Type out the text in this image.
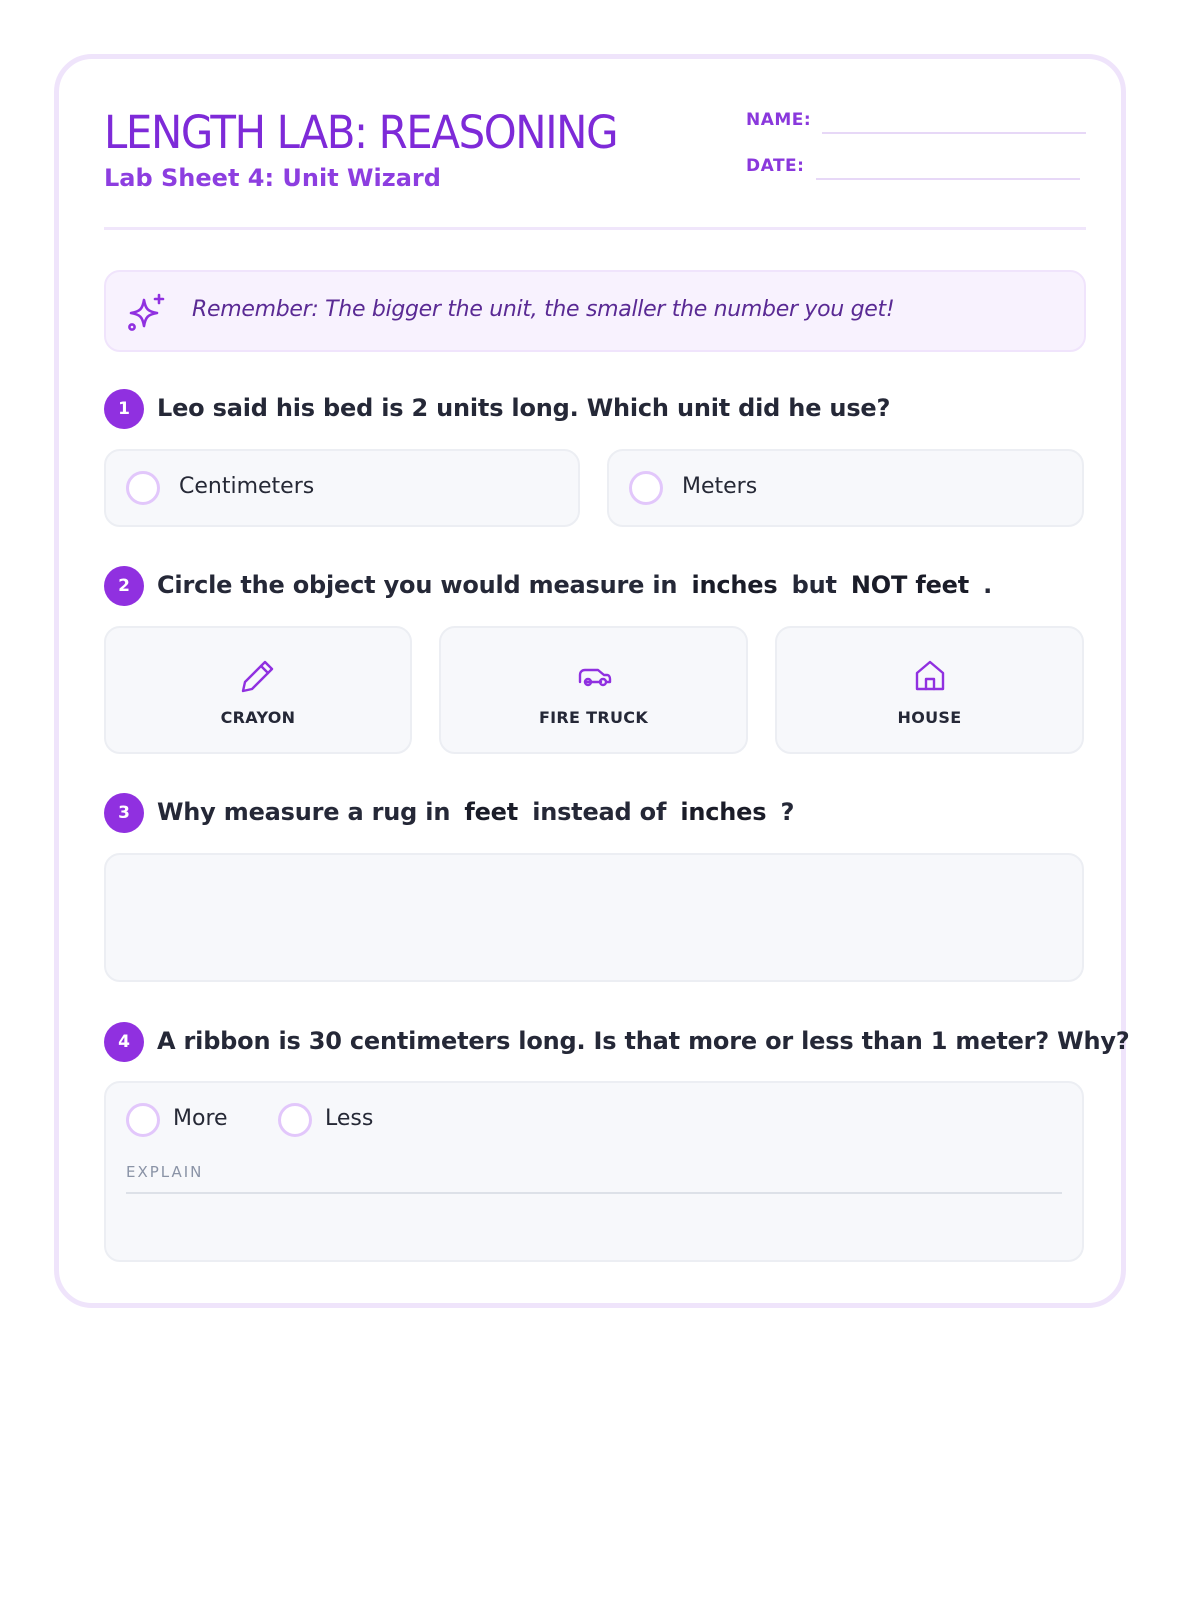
LENGTH LAB: REASONING
Lab Sheet 4: Unit Wizard
NAME:
DATE:
Remember: The bigger the unit, the smaller the number you get!
1	Leo said his bed is 2 units long. Which unit did he use?
Centimeters	Meters
2	Circle the object you would measure in inches but NOT feet .
CRAYON	FIRE TRUCK	HOUSE
3	Why measure a rug in feet instead of inches ?
4	A ribbon is 30 centimeters long. Is that more or less than 1 meter? Why?
More	Less
EXPLAIN
